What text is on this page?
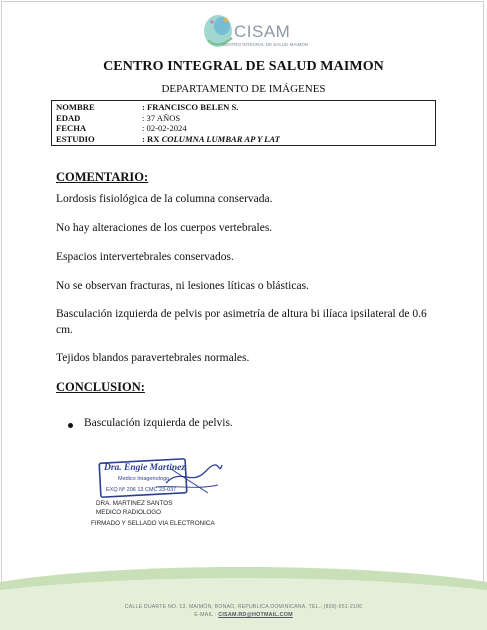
CISAM
CENTRO INTEGRAL DE SALUD MAIMON
CENTRO INTEGRAL DE SALUD MAIMON
DEPARTAMENTO DE IMÁGENES
NOMBRE	: FRANCISCO BELEN S.
EDAD	: 37 AÑOS
FECHA	: 02-02-2024
ESTUDIO	: RX COLUMNA LUMBAR AP Y LAT
COMENTARIO:
Lordosis fisiológica de la columna conservada.
No hay alteraciones de los cuerpos vertebrales.
Espacios intervertebrales conservados.
No se observan fracturas, ni lesiones líticas o blásticas.
Basculación izquierda de pelvis por asimetría de altura bi ilíaca ipsilateral de 0.6 cm.
Tejidos blandos paravertebrales normales.
CONCLUSION:
Basculación izquierda de pelvis.
Dra. Engie Martinez
Medico Imagenologo
EXQ Nº 206 13 CMC 23-037
DRA. MARTINEZ SANTOS
MEDICO RADIOLOGO
FIRMADO Y SELLADO VIA ELECTRONICA
CALLE DUARTE NO. 13, MAIMÓN, BONAO, REPUBLICA DOMINICANA, TEL.: (809)-551-2106
E-MAIL : CISAM.RD@HOTMAIL.COM
